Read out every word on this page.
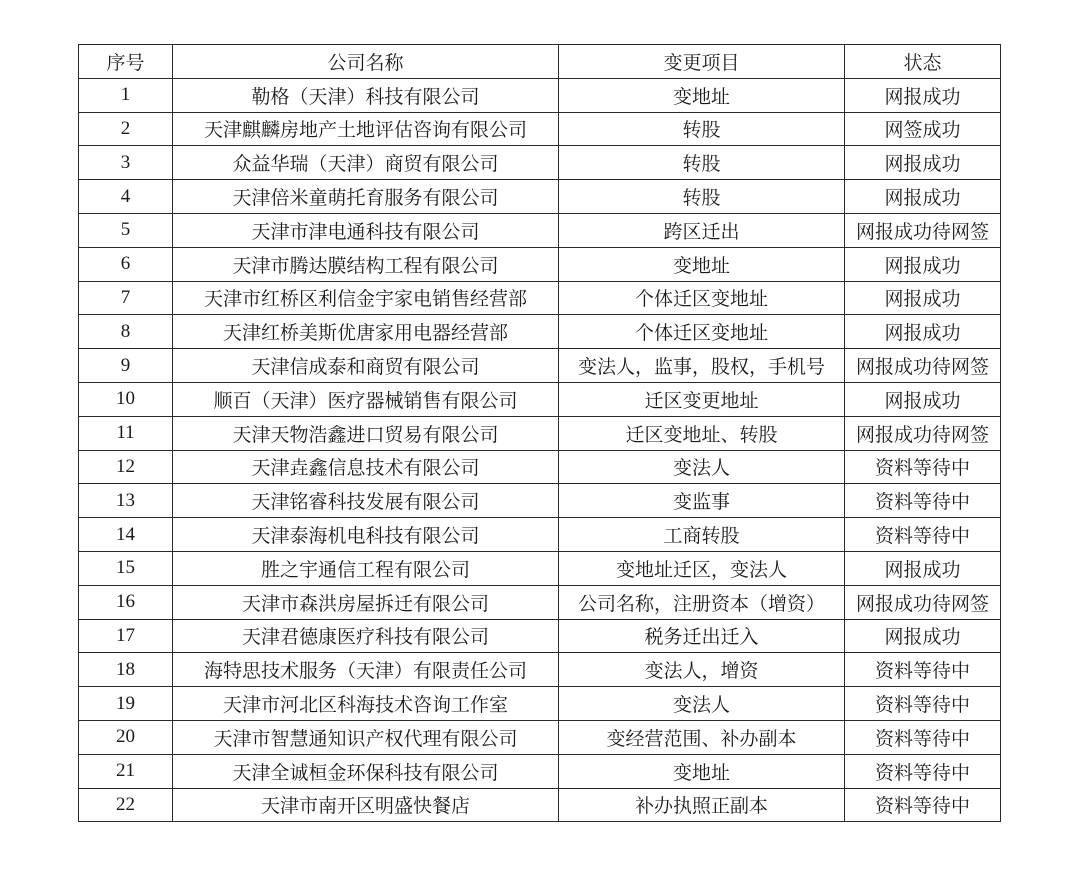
序号	公司名称	变更项目	状态
1	勒格（天津）科技有限公司	变地址	网报成功
2	天津麒麟房地产土地评估咨询有限公司	转股	网签成功
3	众益华瑞（天津）商贸有限公司	转股	网报成功
4	天津倍米童萌托育服务有限公司	转股	网报成功
5	天津市津电通科技有限公司	跨区迁出	网报成功待网签
6	天津市腾达膜结构工程有限公司	变地址	网报成功
7	天津市红桥区利信金宇家电销售经营部	个体迁区变地址	网报成功
8	天津红桥美斯优唐家用电器经营部	个体迁区变地址	网报成功
9	天津信成泰和商贸有限公司	变法人，监事，股权，手机号	网报成功待网签
10	顺百（天津）医疗器械销售有限公司	迁区变更地址	网报成功
11	天津天物浩鑫进口贸易有限公司	迁区变地址、转股	网报成功待网签
12	天津垚鑫信息技术有限公司	变法人	资料等待中
13	天津铭睿科技发展有限公司	变监事	资料等待中
14	天津泰海机电科技有限公司	工商转股	资料等待中
15	胜之宇通信工程有限公司	变地址迁区，变法人	网报成功
16	天津市森洪房屋拆迁有限公司	公司名称，注册资本（增资）	网报成功待网签
17	天津君德康医疗科技有限公司	税务迁出迁入	网报成功
18	海特思技术服务（天津）有限责任公司	变法人，增资	资料等待中
19	天津市河北区科海技术咨询工作室	变法人	资料等待中
20	天津市智慧通知识产权代理有限公司	变经营范围、补办副本	资料等待中
21	天津全诚桓金环保科技有限公司	变地址	资料等待中
22	天津市南开区明盛快餐店	补办执照正副本	资料等待中
